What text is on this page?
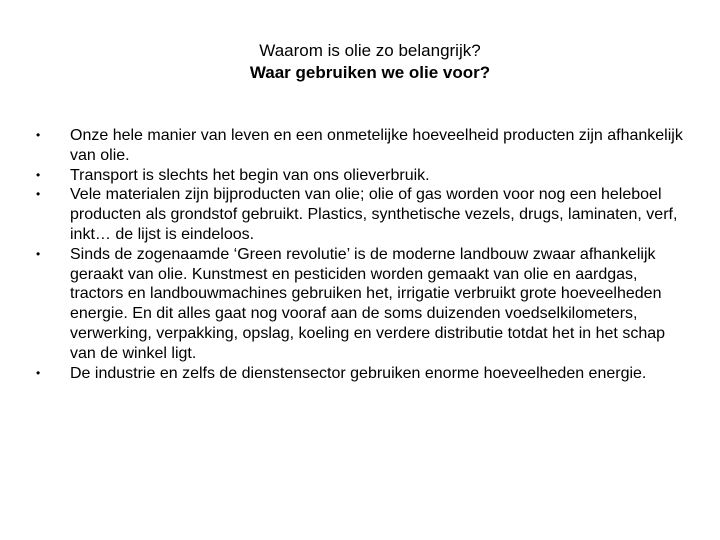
Waarom is olie zo belangrijk?
Waar gebruiken we olie voor?
•	Onze hele manier van leven en een onmetelijke hoeveelheid producten zijn afhankelijk van olie.
•	Transport is slechts het begin van ons olieverbruik.
•	Vele materialen zijn bijproducten van olie; olie of gas worden voor nog een heleboel producten als grondstof gebruikt. Plastics, synthetische vezels, drugs, laminaten, verf, inkt… de lijst is eindeloos.
•	Sinds de zogenaamde ‘Green revolutie’ is de moderne landbouw zwaar afhankelijk geraakt van olie. Kunstmest en pesticiden worden gemaakt van olie en aardgas, tractors en landbouwmachines gebruiken het, irrigatie verbruikt grote hoeveelheden energie. En dit alles gaat nog vooraf aan de soms duizenden voedselkilometers, verwerking, verpakking, opslag, koeling en verdere distributie totdat het in het schap van de winkel ligt.
•	De industrie en zelfs de dienstensector gebruiken enorme hoeveelheden energie.
